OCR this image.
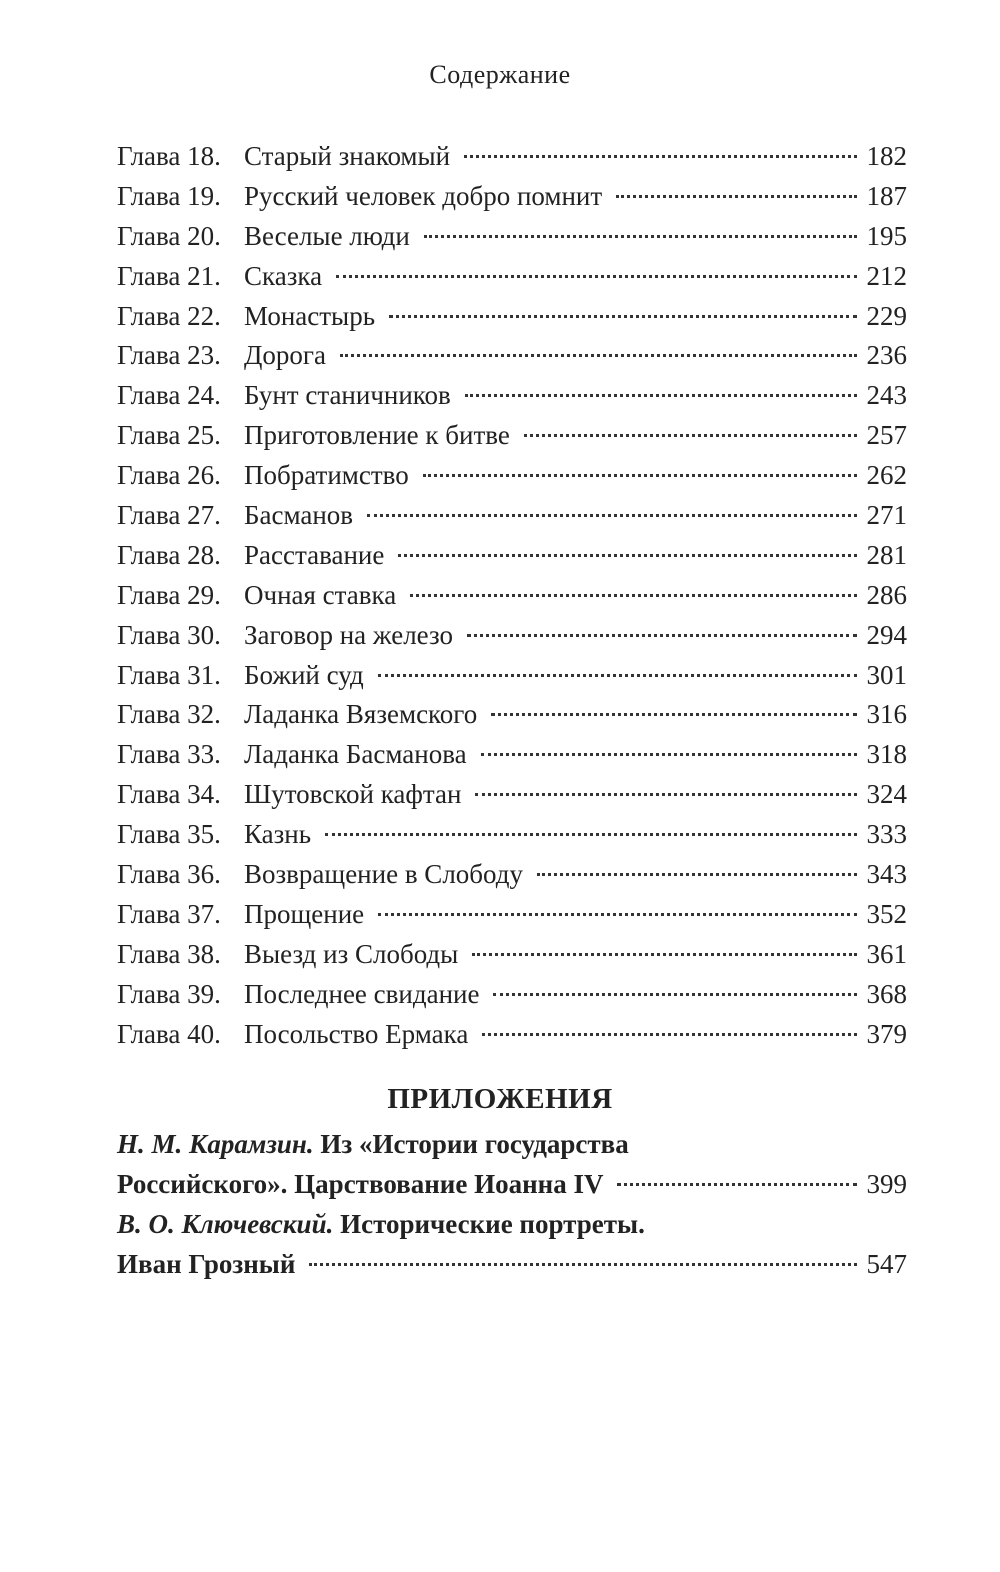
Содержание
Глава 18. Старый знакомый	182
Глава 19. Русский человек добро помнит	187
Глава 20. Веселые люди	195
Глава 21. Сказка	212
Глава 22. Монастырь	229
Глава 23. Дорога	236
Глава 24. Бунт станичников	243
Глава 25. Приготовление к битве	257
Глава 26. Побратимство	262
Глава 27. Басманов	271
Глава 28. Расставание	281
Глава 29. Очная ставка	286
Глава 30. Заговор на железо	294
Глава 31. Божий суд	301
Глава 32. Ладанка Вяземского	316
Глава 33. Ладанка Басманова	318
Глава 34. Шутовской кафтан	324
Глава 35. Казнь	333
Глава 36. Возвращение в Слободу	343
Глава 37. Прощение	352
Глава 38. Выезд из Слободы	361
Глава 39. Последнее свидание	368
Глава 40. Посольство Ермака	379
ПРИЛОЖЕНИЯ
Н. М. Карамзин. Из «Истории государства
Российского». Царствование Иоанна IV	399
В. О. Ключевский. Исторические портреты.
Иван Грозный	547
